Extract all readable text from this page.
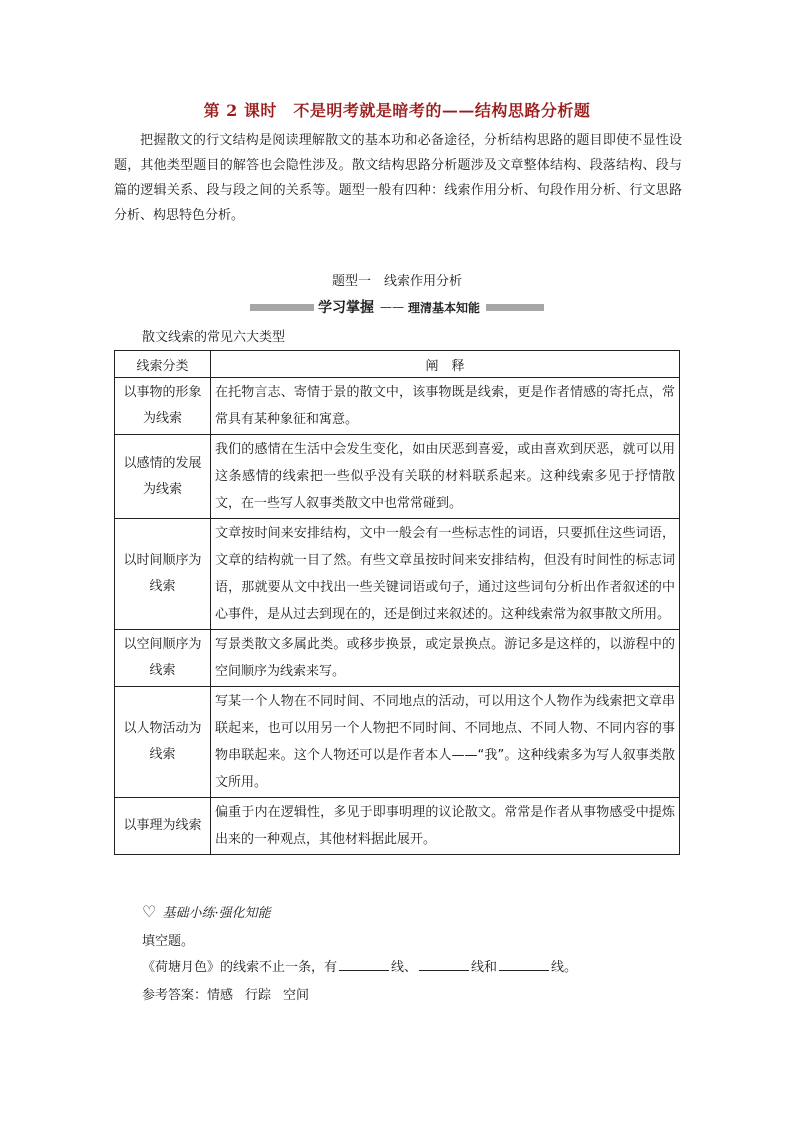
第 2 课时　不是明考就是暗考的——结构思路分析题
把握散文的行文结构是阅读理解散文的基本功和必备途径，分析结构思路的题目即使不显性设题，其他类型题目的解答也会隐性涉及。散文结构思路分析题涉及文章整体结构、段落结构、段与篇的逻辑关系、段与段之间的关系等。题型一般有四种：线索作用分析、句段作用分析、行文思路分析、构思特色分析。
题型一　线索作用分析
学习掌握 —— 理清基本知能
散文线索的常见六大类型
线索分类	阐　释
以事物的形象为线索	在托物言志、寄情于景的散文中，该事物既是线索，更是作者情感的寄托点，常常具有某种象征和寓意。
以感情的发展为线索	我们的感情在生活中会发生变化，如由厌恶到喜爱，或由喜欢到厌恶，就可以用这条感情的线索把一些似乎没有关联的材料联系起来。这种线索多见于抒情散文，在一些写人叙事类散文中也常常碰到。
以时间顺序为线索	文章按时间来安排结构，文中一般会有一些标志性的词语，只要抓住这些词语，文章的结构就一目了然。有些文章虽按时间来安排结构，但没有时间性的标志词语，那就要从文中找出一些关键词语或句子，通过这些词句分析出作者叙述的中心事件，是从过去到现在的，还是倒过来叙述的。这种线索常为叙事散文所用。
以空间顺序为线索	写景类散文多属此类。或移步换景，或定景换点。游记多是这样的，以游程中的空间顺序为线索来写。
以人物活动为线索	写某一个人物在不同时间、不同地点的活动，可以用这个人物作为线索把文章串联起来，也可以用另一个人物把不同时间、不同地点、不同人物、不同内容的事物串联起来。这个人物还可以是作者本人——“我”。这种线索多为写人叙事类散文所用。
以事理为线索	偏重于内在逻辑性，多见于即事明理的议论散文。常常是作者从事物感受中提炼出来的一种观点，其他材料据此展开。
♡ 基础小练·强化知能
填空题。
《荷塘月色》的线索不止一条，有	线、	线和	线。
参考答案：情感 行踪 空间
